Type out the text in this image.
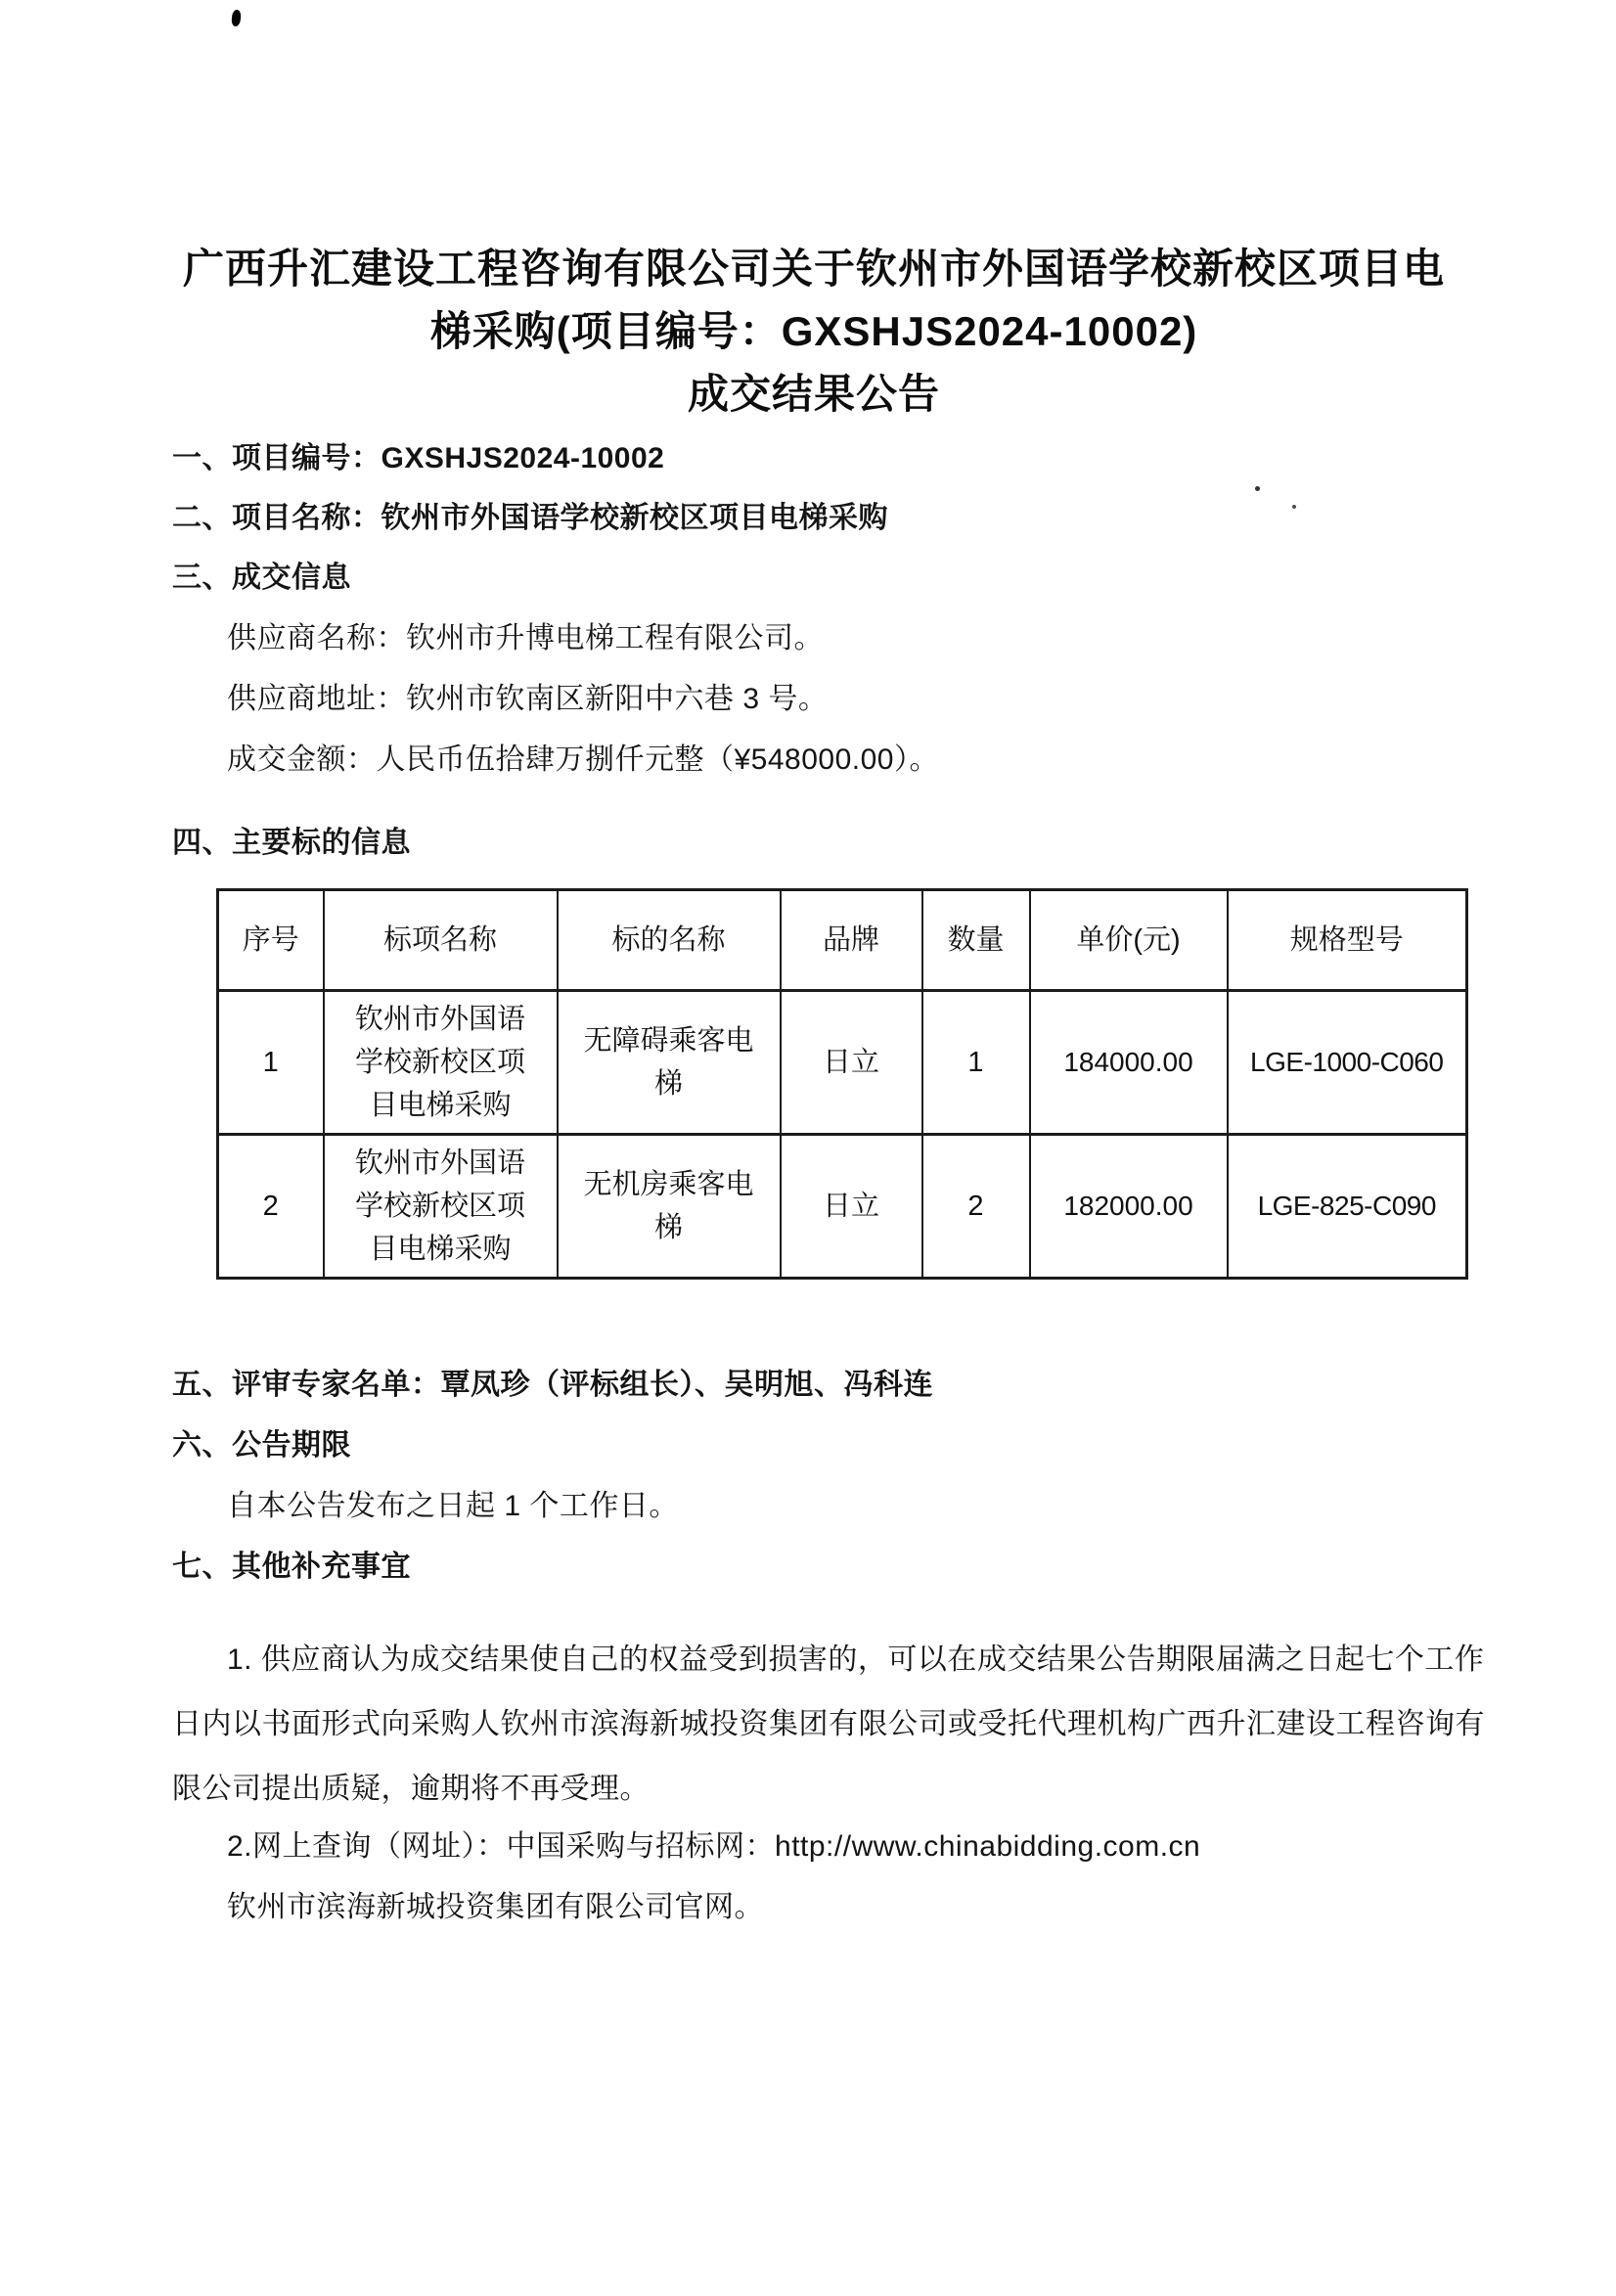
广西升汇建设工程咨询有限公司关于钦州市外国语学校新校区项目电
梯采购(项目编号：GXSHJS2024-10002)
成交结果公告
一、项目编号：GXSHJS2024-10002
二、项目名称：钦州市外国语学校新校区项目电梯采购
三、成交信息
供应商名称：钦州市升博电梯工程有限公司。
供应商地址：钦州市钦南区新阳中六巷 3 号。
成交金额：人民币伍拾肆万捌仟元整（¥548000.00）。
四、主要标的信息
序号	标项名称	标的名称	品牌	数量	单价(元)	规格型号
1	钦州市外国语学校新校区项目电梯采购	无障碍乘客电梯	日立	1	184000.00	LGE-1000-C060
2	钦州市外国语学校新校区项目电梯采购	无机房乘客电梯	日立	2	182000.00	LGE-825-C090
五、评审专家名单：覃凤珍（评标组长）、吴明旭、冯科连
六、公告期限
自本公告发布之日起 1 个工作日。
七、其他补充事宜
1. 供应商认为成交结果使自己的权益受到损害的，可以在成交结果公告期限届满之日起七个工作
日内以书面形式向采购人钦州市滨海新城投资集团有限公司或受托代理机构广西升汇建设工程咨询有
限公司提出质疑，逾期将不再受理。
2.网上查询（网址）：中国采购与招标网：http://www.chinabidding.com.cn
钦州市滨海新城投资集团有限公司官网。
